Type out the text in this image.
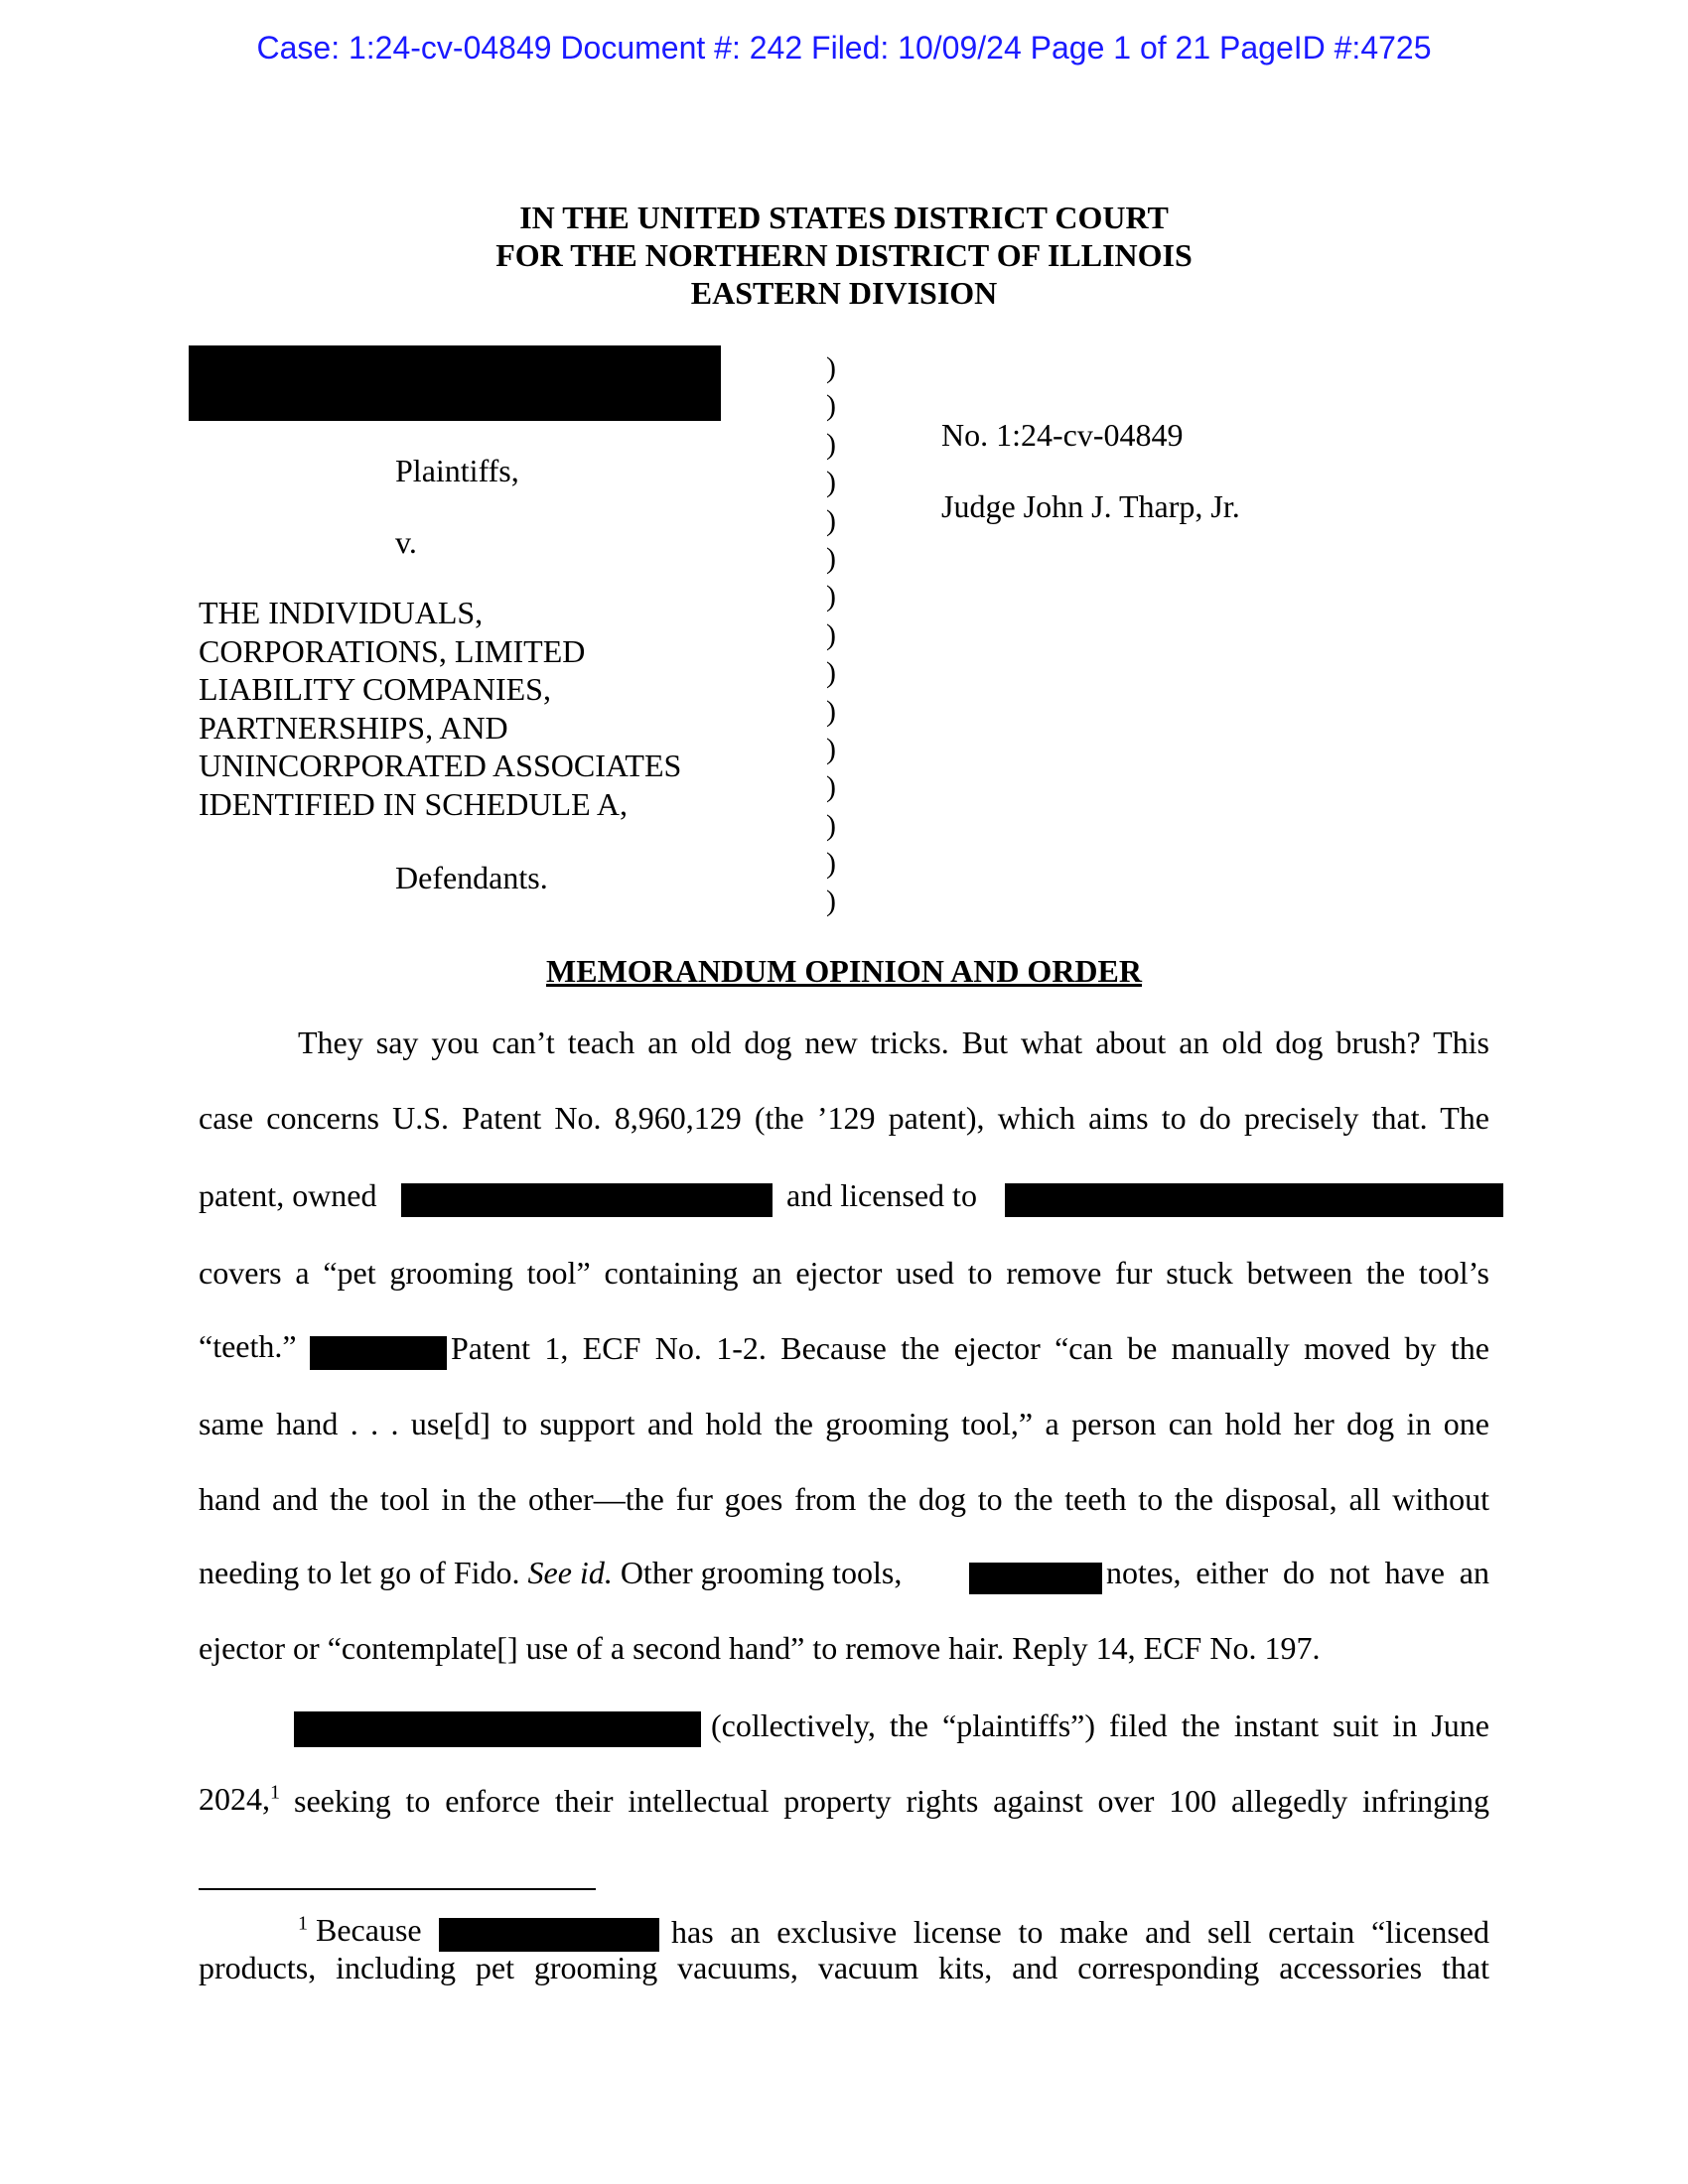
Case: 1:24-cv-04849 Document #: 242 Filed: 10/09/24 Page 1 of 21 PageID #:4725
IN THE UNITED STATES DISTRICT COURT
FOR THE NORTHERN DISTRICT OF ILLINOIS
EASTERN DIVISION
Plaintiffs,
v.
THE INDIVIDUALS,
CORPORATIONS, LIMITED
LIABILITY COMPANIES,
PARTNERSHIPS, AND
UNINCORPORATED ASSOCIATES
IDENTIFIED IN SCHEDULE A,
Defendants.
)
)
)
)
)
)
)
)
)
)
)
)
)
)
)
No. 1:24-cv-04849
Judge John J. Tharp, Jr.
MEMORANDUM OPINION AND ORDER
They say you can’t teach an old dog new tricks. But what about an old dog brush? This
case concerns U.S. Patent No. 8,960,129 (the ’129 patent), which aims to do precisely that. The
patent, owned	and licensed to
covers a “pet grooming tool” containing an ejector used to remove fur stuck between the tool’s
“teeth.”	Patent 1, ECF No. 1-2. Because the ejector “can be manually moved by the
same hand . . . use[d] to support and hold the grooming tool,” a person can hold her dog in one
hand and the tool in the other—the fur goes from the dog to the teeth to the disposal, all without
needing to let go of Fido. See id. Other grooming tools,	notes, either do not have an
ejector or “contemplate[] use of a second hand” to remove hair. Reply 14, ECF No. 197.
(collectively, the “plaintiffs”) filed the instant suit in June
2024,$^1$ seeking to enforce their intellectual property rights against over 100 allegedly infringing
$^1$ Because	has an exclusive license to make and sell certain “licensed
products, including pet grooming vacuums, vacuum kits, and corresponding accessories that
